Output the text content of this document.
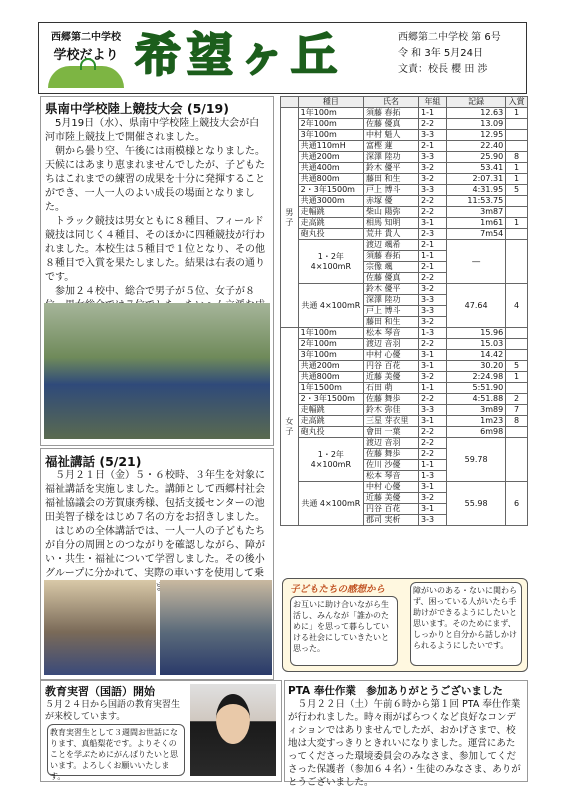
西郷第二中学校
学校だより 希望ヶ丘	西郷第二中学校 第 6号
令 和 3年 5月24日
文責：校長 櫻 田 渉
県南中学校陸上競技大会 (5/19)
5月19日（水）、県南中学校陸上競技大会が白河市陸上競技上で開催されました。
朝から曇り空、午後には雨模様となりました。天候にはあまり恵まれませんでしたが、子どもたちはこれまでの練習の成果を十分に発揮することができ、一人一人のよい成長の場面となりました。
トラック競技は男女ともに８種目、フィールド競技は同じく４種目、そのほかに四種競技が行われました。本校生は５種目で１位となり、その他８種目で入賞を果たしました。結果は右表の通りです。
参加２４校中、総合で男子が５位、女子が８
	種目	氏名	年組	記録	入賞
男子	1年100m	須藤 春拓	1-1	12.63	1
	2年100m	佐藤 優真	2-2	13.09	
	3年100m	中村 魁人	3-3	12.95	
	共通110mH	富樫 蓮	2-1	22.40	
	共通200m	深澤 陸功	3-3	25.90	8
	共通400m	鈴木 優平	3-2	53.41	1
	共通800m	藤田 和生	3-2	2:07.31	1
	2・3年1500m	戸上 博斗	3-3	4:31.95	5
	共通3000m	赤塚 優	2-2	11:53.75	
	走幅跳	柴山 陽弥	2-2	3m87	
	走高跳	相馬 知明	3-1	1m61	1
	砲丸投	荒井 貴人	2-3	7m54	
	1・2年 4×100mR	渡辺 颯希	2-1	―	
		須藤 春拓	1-1		
		宗像 颯	2-1		
		佐藤 優真	2-2		
	共通 4×100mR	鈴木 優平	3-2	47.64	4
		深澤 陸功	3-3		
		戸上 博斗	3-3		
		藤田 和生	3-2		
女子	1年100m	松本 琴音	1-3	15.96	
	2年100m	渡辺 音羽	2-2	15.03	
	3年100m	中村 心優	3-1	14.42	
	共通200m	円谷 百花	3-1	30.20	5
	共通800m	近藤 美優	3-2	2:24.98	1
	1年1500m	石田 萌	1-1	5:51.90	
	2・3年1500m	佐藤 舞歩	2-2	4:51.88	2
	走幅跳	鈴木 弥佳	3-3	3m89	7
	走高跳	三星 芽衣里	3-1	1m23	8
	砲丸投	會田 一葉	2-2	6m98	
	1・2年 4×100mR	渡辺 音羽	2-2	59.78	
		佐藤 舞歩	2-2		
		佐川 沙優	1-1		
		松本 琴音	1-3		
	共通 4×100mR	中村 心優	3-1	55.98	6
		近藤 美優	3-2		
		円谷 百花	3-1		
		郡司 実析	3-3		
福祉講話 (5/21)
５月２１日（金）５・６校時、３年生を対象に福祉講話を実施しました。講師として西郷村社会福祉協議会の芳賀康秀様、包括支援センターの池田美智子様をはじめ７名の方をお招きしました。
はじめの全体講話では、一人一人の子どもたちが自分の周囲とのつながりを確認しながら、障がい・共生・福祉について学習しました。その後小グループに分かれて、実際の車いすを使用して乗
子どもたちの感想から
お互いに助け合いながら生活し、みんなが「誰かのために」を思って暮らしていける社会にしていきたいと思った。
障がいのある・ないに関わらず、困っている人がいたら手助けができるようにしたいと思います。そのためにまず、しっかりと自分から話しかけられるようにしたいです。
教育実習（国語）開始
５月２４日から国語の教育実習生が来校しています。
教育実習生として３週間お世話になります、真船梨花です。よりそくのことを学ぶためにがんばりたいと思います。よろしくお願いいたします。
PTA 奉仕作業　参加ありがとうございました
５月２２日（土）午前６時から第１回 PTA 奉仕作業が行われました。時々雨がぱらつくなど良好なコンディションではありませんでしたが、おかげさまで、校地は大変すっきりときれいになりました。運営にあたってくださった環境委員会のみなさま、参加してくださった保護者（参加６４名）・生徒のみなさま、ありがとうございました。
